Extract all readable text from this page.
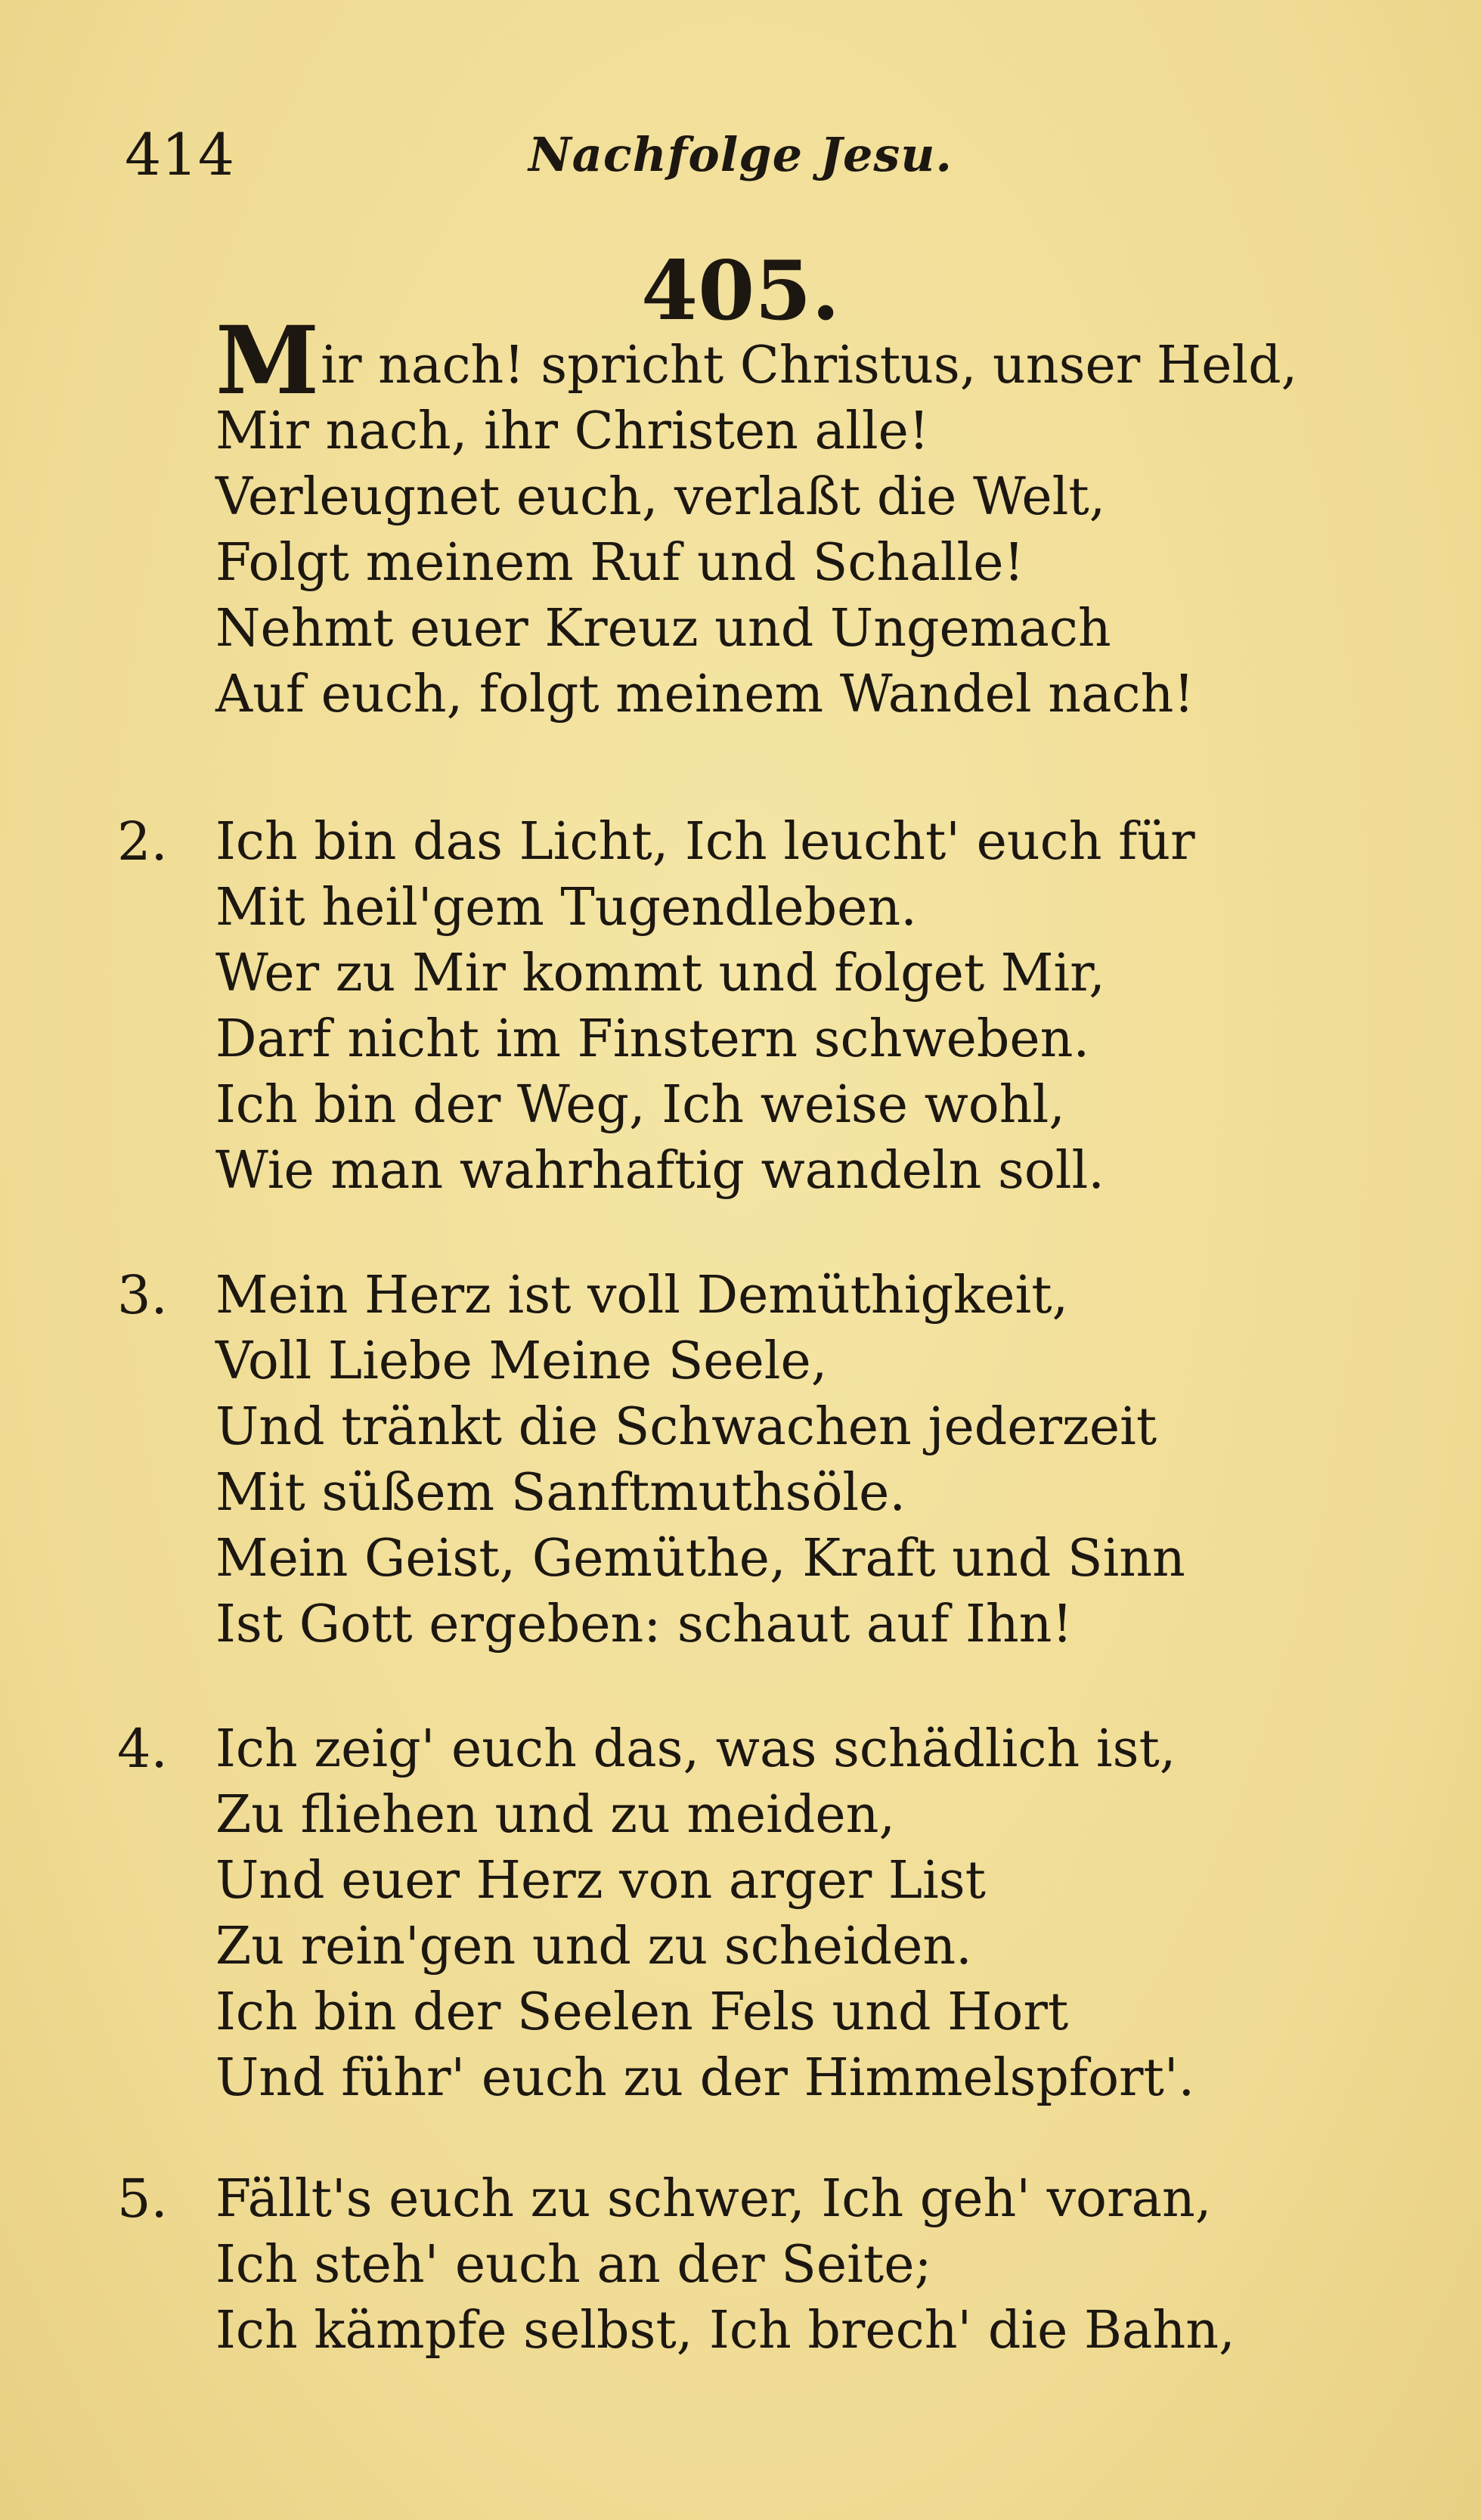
414	Nachfolge Jesu.
405.
Mir nach! spricht Christus, unser Held,
Mir nach, ihr Christen alle!
Verleugnet euch, verlaßt die Welt,
Folgt meinem Ruf und Schalle!
Nehmt euer Kreuz und Ungemach
Auf euch, folgt meinem Wandel nach!
2. Ich bin das Licht, Ich leucht' euch für
Mit heil'gem Tugendleben.
Wer zu Mir kommt und folget Mir,
Darf nicht im Finstern schweben.
Ich bin der Weg, Ich weise wohl,
Wie man wahrhaftig wandeln soll.
3. Mein Herz ist voll Demüthigkeit,
Voll Liebe Meine Seele,
Und tränkt die Schwachen jederzeit
Mit süßem Sanftmuthsöle.
Mein Geist, Gemüthe, Kraft und Sinn
Ist Gott ergeben: schaut auf Ihn!
4. Ich zeig' euch das, was schädlich ist,
Zu fliehen und zu meiden,
Und euer Herz von arger List
Zu rein'gen und zu scheiden.
Ich bin der Seelen Fels und Hort
Und führ' euch zu der Himmelspfort'.
5. Fällt's euch zu schwer, Ich geh' voran,
Ich steh' euch an der Seite;
Ich kämpfe selbst, Ich brech' die Bahn,
